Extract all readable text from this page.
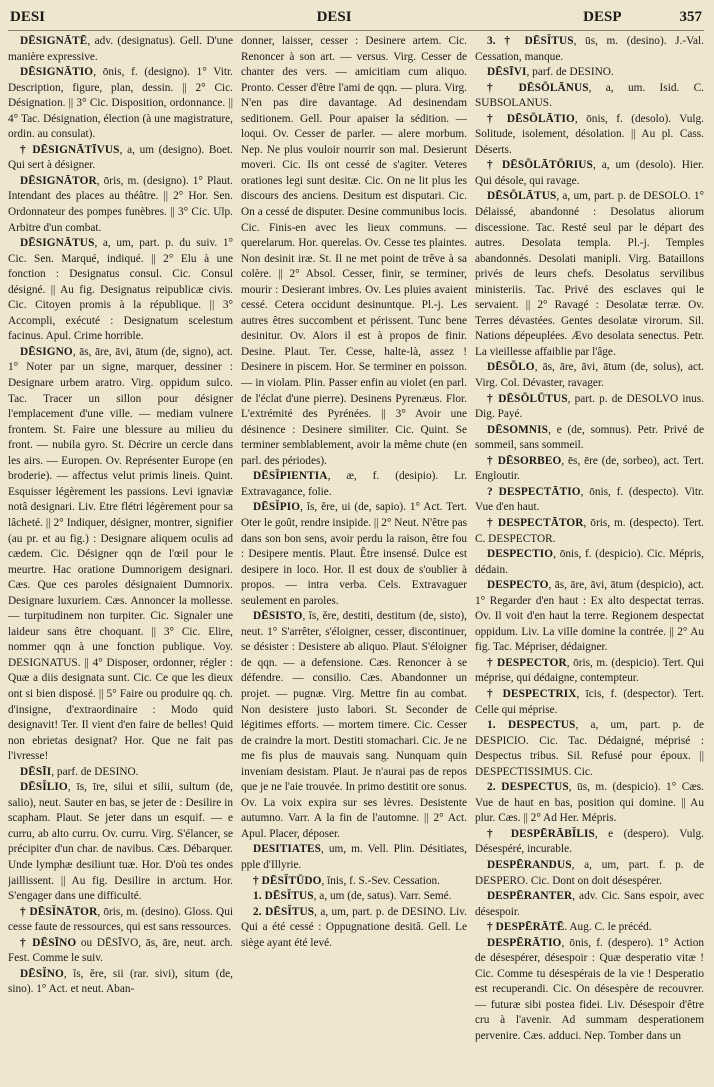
DESI	DESI	DESP	357

DĒSIGNĀTĒ, adv. (designatus). Gell. D'une manière expressive.

DĒSIGNĀTIO, ōnis, f. (designo). 1° Vitr. Description, figure, plan, dessin. || 2° Cic. Désignation. || 3° Cic. Disposition, ordonnance. || 4° Tac. Désignation, élection (à une magistrature, ordin. au consulat).

† DĒSIGNĀTĪVUS, a, um (designo). Boet. Qui sert à désigner.

DĒSIGNĀTOR, ōris, m. (designo). 1° Plaut. Intendant des places au théâtre. || 2° Hor. Sen. Ordonnateur des pompes funèbres. || 3° Cic. Ulp. Arbitre d'un combat.

DĒSIGNĀTUS, a, um, part. p. du suiv. 1° Cic. Sen. Marqué, indiqué. || 2° Elu à une fonction : Designatus consul. Cic. Consul désigné. || Au fig. Designatus reipublicæ civis. Cic. Citoyen promis à la république. || 3° Accompli, exécuté : Designatum scelestum facinus. Apul. Crime horrible.

DĒSIGNO, ās, āre, āvi, ātum (de, signo), act. 1° Noter par un signe, marquer, dessiner : Designare urbem aratro. Virg. oppidum sulco. Tac. Tracer un sillon pour désigner l'emplacement d'une ville. — mediam vulnere frontem. St. Faire une blessure au milieu du front. — nubila gyro. St. Décrire un cercle dans les airs. — Europen. Ov. Représenter Europe (en broderie). — affectus velut primis lineis. Quint. Esquisser légèrement les passions. Levi ignaviæ notâ designari. Liv. Etre flétri légèrement pour sa lâcheté. || 2° Indiquer, désigner, montrer, signifier (au pr. et au fig.) : Designare aliquem oculis ad cædem. Cic. Désigner qqn de l'œil pour le meurtre. Hac oratione Dumnorigem designari. Cæs. Que ces paroles désignaient Dumnorix. Designare luxuriem. Cæs. Annoncer la mollesse. — turpitudinem non turpiter. Cic. Signaler une laideur sans être choquant. || 3° Cic. Elire, nommer qqn à une fonction publique. Voy. DESIGNATUS. || 4° Disposer, ordonner, régler : Quæ a diis designata sunt. Cic. Ce que les dieux ont si bien disposé. || 5° Faire ou produire qq. ch. d'insigne, d'extraordinaire : Modo quid designavit! Ter. Il vient d'en faire de belles! Quid non ebrietas designat? Hor. Que ne fait pas l'ivresse!

DĒSĪI, parf. de DESINO.

DĒSĬLIO, īs, īre, silui et silii, sultum (de, salio), neut. Sauter en bas, se jeter de : Desilire in scapham. Plaut. Se jeter dans un esquif. — e curru, ab alto curru. Ov. curru. Virg. S'élancer, se précipiter d'un char. de navibus. Cæs. Débarquer. Unde lymphæ desiliunt tuæ. Hor. D'où tes ondes jaillissent. || Au fig. Desilire in arctum. Hor. S'engager dans une difficulté.

† DĒSĬNĀTOR, ōris, m. (desino). Gloss. Qui cesse faute de ressources, qui est sans ressources.

† DĒSĪNO ou DĒSĪVO, ās, āre, neut. arch. Fest. Comme le suiv.

DĒSĬNO, ĭs, ĕre, sii (rar. sivi), situm (de, sino). 1° Act. et neut. Aban-

donner, laisser, cesser : Desinere artem. Cic. Renoncer à son art. — versus. Virg. Cesser de chanter des vers. — amicitiam cum aliquo. Pronto. Cesser d'être l'ami de qqn. — plura. Virg. N'en pas dire davantage. Ad desinendam seditionem. Gell. Pour apaiser la sédition. — loqui. Ov. Cesser de parler. — alere morbum. Nep. Ne plus vouloir nourrir son mal. Desierunt moveri. Cic. Ils ont cessé de s'agiter. Veteres orationes legi sunt desitæ. Cic. On ne lit plus les discours des anciens. Desitum est disputari. Cic. On a cessé de disputer. Desine communibus locis. Cic. Finis-en avec les lieux communs. — querelarum. Hor. querelas. Ov. Cesse tes plaintes. Non desinit iræ. St. Il ne met point de trêve à sa colère. || 2° Absol. Cesser, finir, se terminer, mourir : Desierant imbres. Ov. Les pluies avaient cessé. Cetera occidunt desinuntque. Pl.-j. Les autres êtres succombent et périssent. Tunc bene desinitur. Ov. Alors il est à propos de finir. Desine. Plaut. Ter. Cesse, halte-là, assez ! Desinere in piscem. Hor. Se terminer en poisson. — in violam. Plin. Passer enfin au violet (en parl. de l'éclat d'une pierre). Desinens Pyrenæus. Flor. L'extrémité des Pyrénées. || 3° Avoir une désinence : Desinere similiter. Cic. Quint. Se terminer semblablement, avoir la même chute (en parl. des périodes).

DĒSĬPIENTIA, æ, f. (desipio). Lr. Extravagance, folie.

DĒSĬPIO, ĭs, ĕre, ui (de, sapio). 1° Act. Tert. Oter le goût, rendre insipide. || 2° Neut. N'être pas dans son bon sens, avoir perdu la raison, être fou : Desipere mentis. Plaut. Être insensé. Dulce est desipere in loco. Hor. Il est doux de s'oublier à propos. — intra verba. Cels. Extravaguer seulement en paroles.

DĒSISTO, ĭs, ĕre, destiti, destitum (de, sisto), neut. 1° S'arrêter, s'éloigner, cesser, discontinuer, se désister : Desistere ab aliquo. Plaut. S'éloigner de qqn. — a defensione. Cæs. Renoncer à se défendre. — consilio. Cæs. Abandonner un projet. — pugnæ. Virg. Mettre fin au combat. Non desistere justo labori. St. Seconder de légitimes efforts. — mortem timere. Cic. Cesser de craindre la mort. Destiti stomachari. Cic. Je ne me fis plus de mauvais sang. Nunquam quin inveniam desistam. Plaut. Je n'aurai pas de repos que je ne l'aie trouvée. In primo destitit ore sonus. Ov. La voix expira sur ses lèvres. Desistente autumno. Varr. A la fin de l'automne. || 2° Act. Apul. Placer, déposer.

DESITIATES, um, m. Vell. Plin. Désitiates, pple d'Illyrie.

† DĒSĬTŪDO, ĭnis, f. S.-Sev. Cessation.

1. DĒSĬTUS, a, um (de, satus). Varr. Semé.

2. DĒSĬTUS, a, um, part. p. de DESINO. Liv. Qui a été cessé : Oppugnatione desitâ. Gell. Le siège ayant été levé.

3. † DĒSĬTUS, ūs, m. (desino). J.-Val. Cessation, manque.

DĒSĪVI, parf. de DESINO.

† DĒSŌLĀNUS, a, um. Isid. C. SUBSOLANUS.

† DĒSŌLĀTIO, ōnis, f. (desolo). Vulg. Solitude, isolement, désolation. || Au pl. Cass. Déserts.

† DĒSŌLĀTŌRIUS, a, um (desolo). Hier. Qui désole, qui ravage.

DĒSŌLĀTUS, a, um, part. p. de DESOLO. 1° Délaissé, abandonné : Desolatus aliorum discessione. Tac. Resté seul par le départ des autres. Desolata templa. Pl.-j. Temples abandonnés. Desolati manipli. Virg. Bataillons privés de leurs chefs. Desolatus servilibus ministeriis. Tac. Privé des esclaves qui le servaient. || 2° Ravagé : Desolatæ terræ. Ov. Terres dévastées. Gentes desolatæ virorum. Sil. Nations dépeuplées. Ævo desolata senectus. Petr. La vieillesse affaiblie par l'âge.

DĒSŌLO, ās, āre, āvi, ātum (de, solus), act. Virg. Col. Dévaster, ravager.

† DĒSŌLŪTUS, part. p. de DESOLVO inus. Dig. Payé.

DĒSOMNIS, e (de, somnus). Petr. Privé de sommeil, sans sommeil.

† DĒSORBEO, ēs, ēre (de, sorbeo), act. Tert. Engloutir.

? DESPECTĀTIO, ōnis, f. (despecto). Vitr. Vue d'en haut.

† DESPECTĀTOR, ōris, m. (despecto). Tert. C. DESPECTOR.

DESPECTIO, ōnis, f. (despicio). Cic. Mépris, dédain.

DESPECTO, ās, āre, āvi, ātum (despicio), act. 1° Regarder d'en haut : Ex alto despectat terras. Ov. Il voit d'en haut la terre. Regionem despectat oppidum. Liv. La ville domine la contrée. || 2° Au fig. Tac. Mépriser, dédaigner.

† DESPECTOR, ōris, m. (despicio). Tert. Qui méprise, qui dédaigne, contempteur.

† DESPECTRIX, īcis, f. (despector). Tert. Celle qui méprise.

1. DESPECTUS, a, um, part. p. de DESPICIO. Cic. Tac. Dédaigné, méprisé : Despectus tribus. Sil. Refusé pour époux. || DESPECTISSIMUS. Cic.

2. DESPECTUS, ūs, m. (despicio). 1° Cæs. Vue de haut en bas, position qui domine. || Au plur. Cæs. || 2° Ad Her. Mépris.

† DESPĒRĀBĬLIS, e (despero). Vulg. Désespéré, incurable.

DESPĒRANDUS, a, um, part. f. p. de DESPERO. Cic. Dont on doit désespérer.

DESPĒRANTER, adv. Cic. Sans espoir, avec désespoir.

† DESPĒRĀTĒ. Aug. C. le précéd.

DESPĒRĀTIO, ōnis, f. (despero). 1° Action de désespérer, désespoir : Quæ desperatio vitæ ! Cic. Comme tu désespérais de la vie ! Desperatio est recuperandi. Cic. On désespère de recouvrer. — futuræ sibi postea fidei. Liv. Désespoir d'être cru à l'avenir. Ad summam desperationem pervenire. Cæs. adduci. Nep. Tomber dans un
